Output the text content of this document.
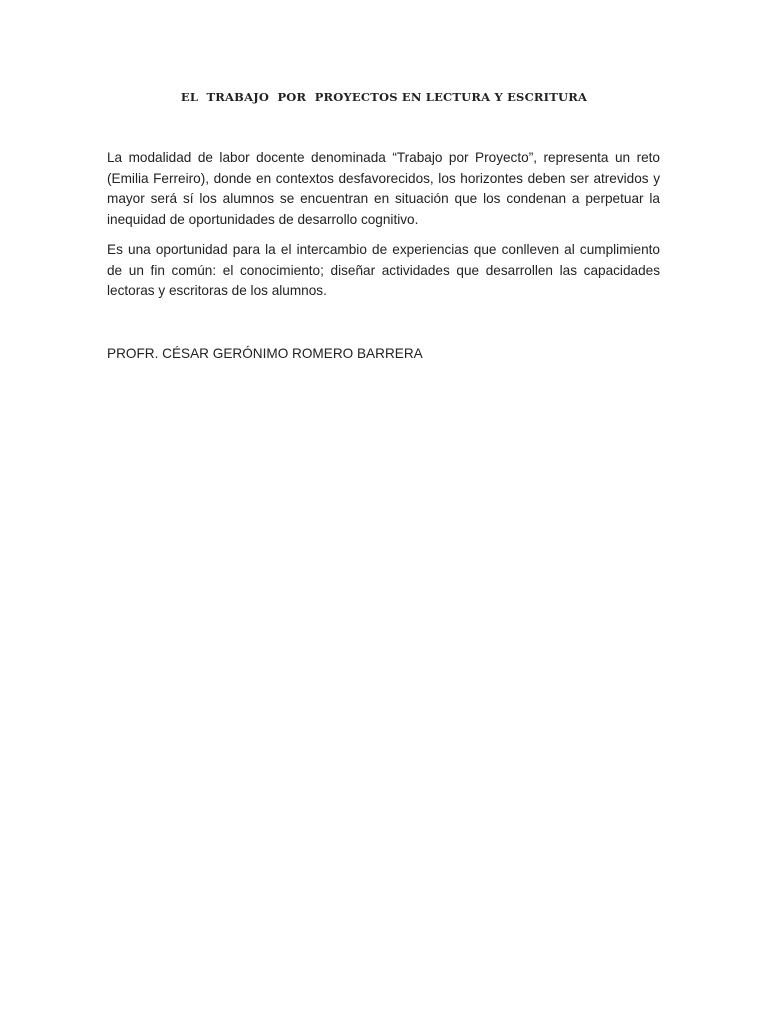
EL  TRABAJO  POR  PROYECTOS EN LECTURA Y ESCRITURA

La modalidad de labor docente denominada “Trabajo por Proyecto”, representa un reto (Emilia Ferreiro), donde en contextos desfavorecidos, los horizontes deben ser atrevidos y mayor será sí los alumnos se encuentran en situación que los condenan a perpetuar la inequidad de oportunidades de desarrollo cognitivo.

Es una oportunidad para la el intercambio de experiencias que conlleven al cumplimiento de un fin común: el conocimiento; diseñar actividades que desarrollen las capacidades lectoras y escritoras de los alumnos.

PROFR. CÉSAR GERÓNIMO ROMERO BARRERA
